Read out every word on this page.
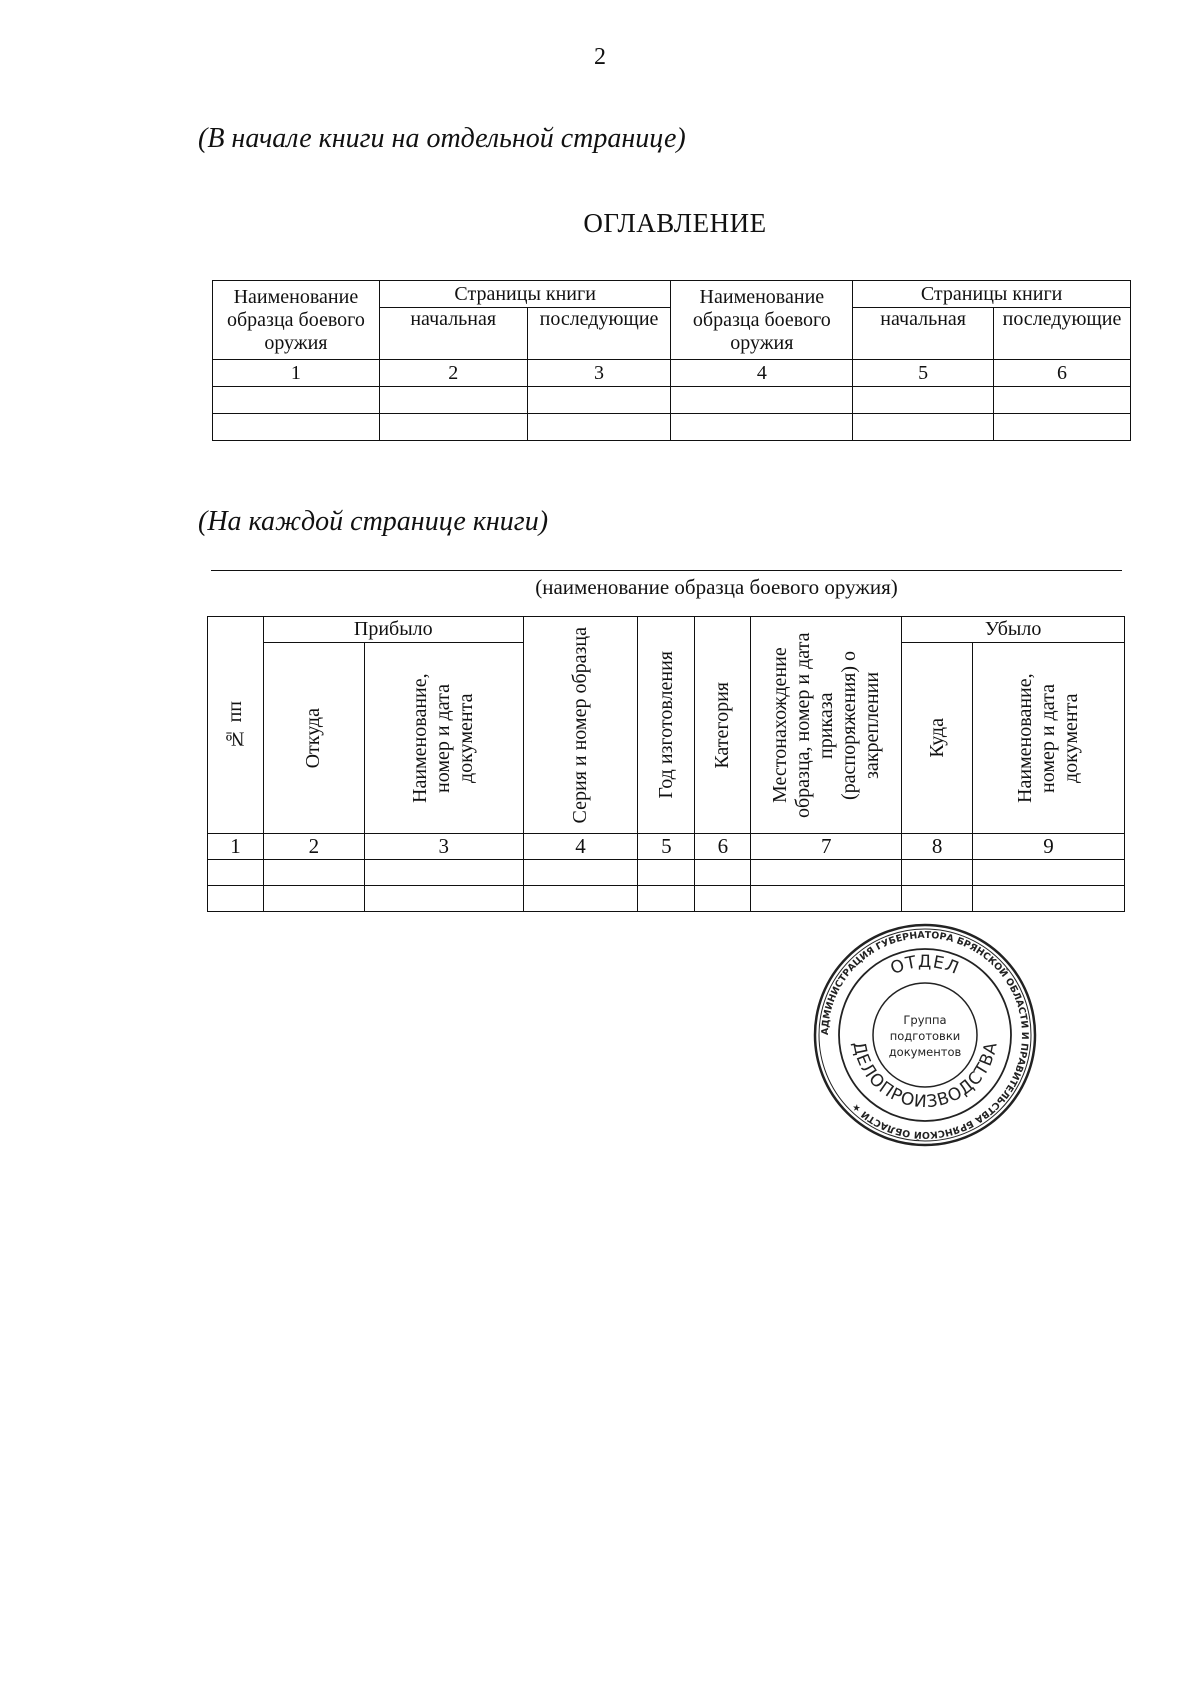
2
(В начале книги на отдельной странице)
ОГЛАВЛЕНИЕ
Наименование образца боевого оружия	Страницы книги		Наименование образца боевого оружия	Страницы книги	
	начальная	последующие		начальная	последующие
1	2	3	4	5	6

(На каждой странице книги)
(наименование образца боевого оружия)
№ пп	Прибыло		Серия и номер образца	Год изготовления	Категория	Местонахождение образца, номер и дата приказа (распоряжения) о закреплении	Убыло	

	Откуда	Наименование, номер и дата документа					Куда	Наименование, номер и дата документа

1	2	3	4	5	6	7	8	9

АДМИНИСТРАЦИЯ ГУБЕРНАТОРА БРЯНСКОЙ ОБЛАСТИ И ПРАВИТЕЛЬСТВА БРЯНСКОЙ ОБЛАСТИ ★
ОТДЕЛ
ДЕЛОПРОИЗВОДСТВА
Группа
подготовки
документов
